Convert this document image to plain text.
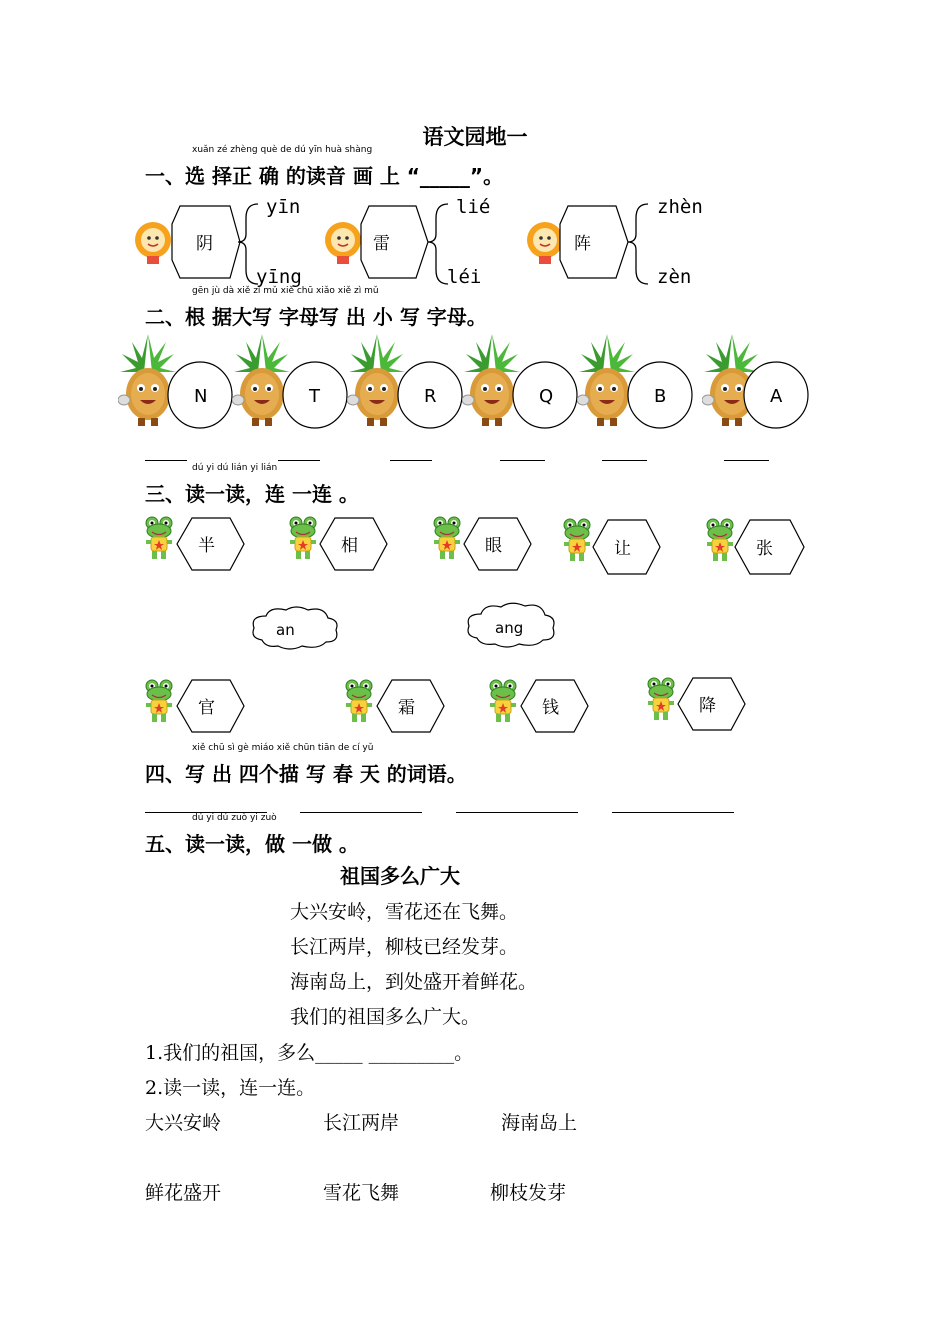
语文园地一
xuǎn zé zhèng què de dú yīn huà shàng
一、选 择正 确 的读音 画 上 “_____”。
阴	雷	阵
yīn
yīng
lié
léi
zhèn
zèn
gēn jù dà xiě zì mǔ xiě chū xiǎo xiě zì mǔ
二、根 据大写 字母写 出 小 写 字母。
N	T	R	Q	B	A
dú yi dú lián yi lián
三、读一读，连 一连 。
半	相	眼	让	张
an	ang
官	霜	钱	降
xiě chū sì gè miáo xiě chūn tiān de cí yǔ
四、写 出 四个描 写 春 天 的词语。
dú yi dú zuò yi zuò
五、读一读，做 一做 。
祖国多么广大
大兴安岭，雪花还在飞舞。
长江两岸，柳枝已经发芽。
海南岛上，到处盛开着鲜花。
我们的祖国多么广大。
1.我们的祖国，多么_____ _________。
2.读一读，连一连。
大兴安岭	长江两岸	海南岛上
鲜花盛开	雪花飞舞	柳枝发芽
